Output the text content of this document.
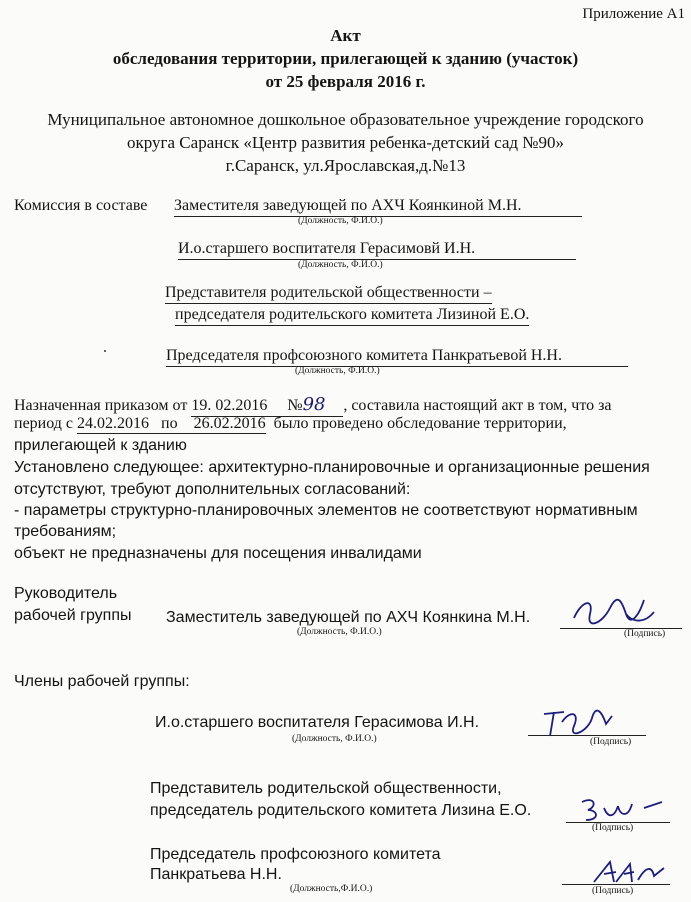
Приложение А1
Акт
обследования территории, прилегающей к зданию (участок)
от 25 февраля 2016 г.
Муниципальное автономное дошкольное образовательное учреждение городского
округа Саранск «Центр развития ребенка-детский сад №90»
г.Саранск, ул.Ярославская,д.№13
Комиссия в составе Заместителя заведующей по АХЧ Коянкиной М.Н.
(Должность, Ф.И.О.)
И.о.старшего воспитателя Герасимовй И.Н.
(Должность, Ф.И.О.)
Представителя родительской общественности –
председателя родительского комитета Лизиной Е.О.
Председателя профсоюзного комитета Панкратьевой Н.Н.
(Должность, Ф.И.О.)
Назначенная приказом от 19. 02.2016 №98 , составила настоящий акт в том, что за
период с 24.02.2016   по    26.02.2016 было проведено обследование территории,
прилегающей к зданию
Установлено следующее: архитектурно-планировочные и организационные решения
отсутствуют, требуют дополнительных согласований:
- параметры структурно-планировочных элементов не соответствуют нормативным
требованиям;
объект не предназначены для посещения инвалидами
Руководитель
рабочей группы Заместитель заведующей по АХЧ Коянкина М.Н.
(Должность, Ф.И.О.)	(Подпись)
Члены рабочей группы:
И.о.старшего воспитателя Герасимова И.Н.
(Должность, Ф.И.О.)	(Подпись)
Представитель родительской общественности,
председатель родительского комитета Лизина Е.О.
(Подпись)
Председатель профсоюзного комитета
Панкратьева Н.Н.
(Должность,Ф.И.О.)	(Подпись)
